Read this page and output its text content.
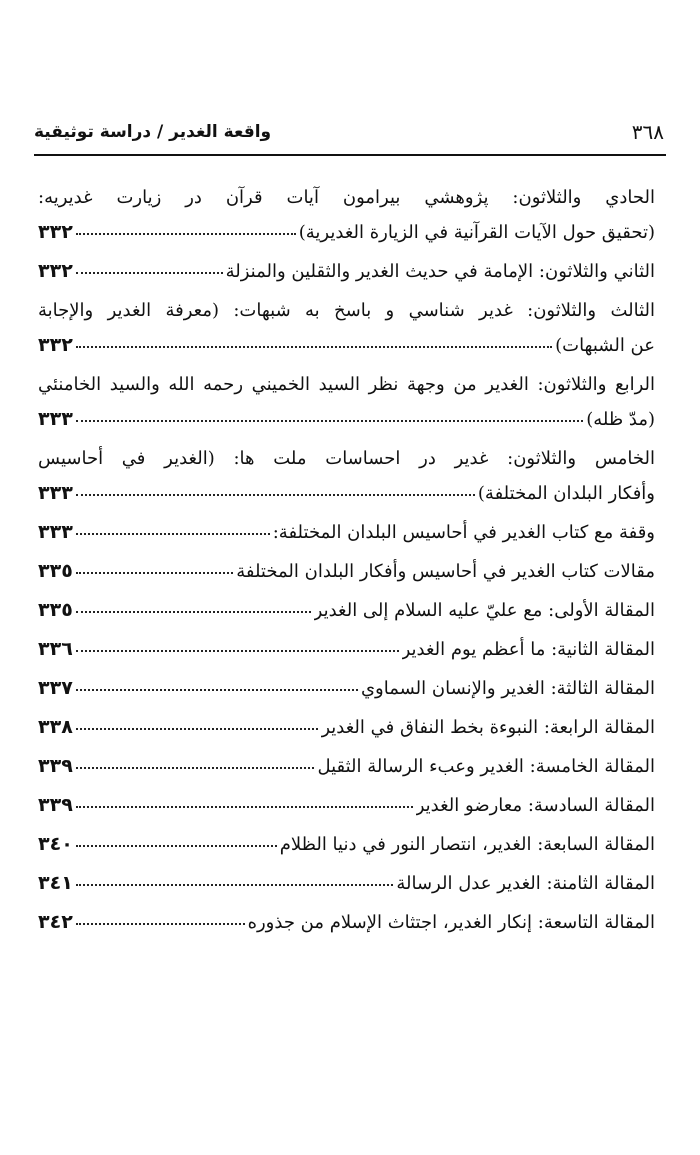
٣٦٨
واقعة الغدير / دراسة توثيقية
الحادي والثلاثون: پژوهشي بيرامون آيات قرآن در زيارت غديريه:
(تحقيق حول الآيات القرآنية في الزيارة الغديرية)
٣٣٢
الثاني والثلاثون: الإمامة في حديث الغدير والثقلين والمنزلة
٣٣٢
الثالث والثلاثون: غدير شناسي و باسخ به شبهات: (معرفة الغدير والإجابة
عن الشبهات)
٣٣٢
الرابع والثلاثون: الغدير من وجهة نظر السيد الخميني رحمه الله والسيد الخامنئي
(مدّ ظله)
٣٣٣
الخامس والثلاثون: غدير در احساسات ملت ها: (الغدير في أحاسيس
وأفكار البلدان المختلفة)
٣٣٣
وقفة مع كتاب الغدير في أحاسيس البلدان المختلفة:
٣٣٣
مقالات كتاب الغدير في أحاسيس وأفكار البلدان المختلفة
٣٣٥
المقالة الأولى: مع عليّ عليه السلام إلى الغدير
٣٣٥
المقالة الثانية: ما أعظم يوم الغدير
٣٣٦
المقالة الثالثة: الغدير والإنسان السماوي
٣٣٧
المقالة الرابعة: النبوءة بخط النفاق في الغدير
٣٣٨
المقالة الخامسة: الغدير وعبء الرسالة الثقيل
٣٣٩
المقالة السادسة: معارضو الغدير
٣٣٩
المقالة السابعة: الغدير، انتصار النور في دنيا الظلام
٣٤٠
المقالة الثامنة: الغدير عدل الرسالة
٣٤١
المقالة التاسعة: إنكار الغدير، اجتثاث الإسلام من جذوره
٣٤٢
